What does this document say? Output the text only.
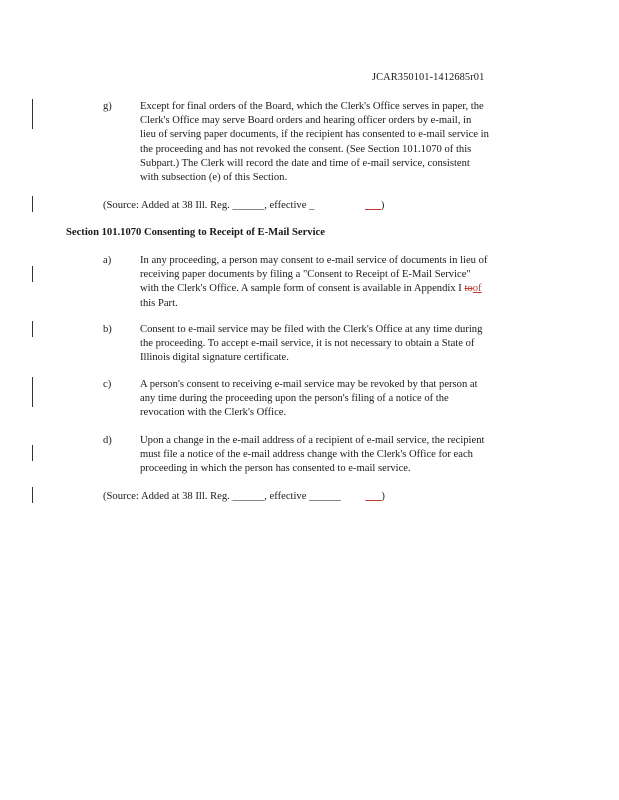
JCAR350101-1412685r01
g)	Except for final orders of the Board, which the Clerk's Office serves in paper, the
Clerk's Office may serve Board orders and hearing officer orders by e-mail, in
lieu of serving paper documents, if the recipient has consented to e-mail service in
the proceeding and has not revoked the consent. (See Section 101.1070 of this
Subpart.) The Clerk will record the date and time of e-mail service, consistent
with subsection (e) of this Section.
(Source: Added at 38 Ill. Reg. ______, effective _	___)
Section 101.1070 Consenting to Receipt of E-Mail Service
a)	In any proceeding, a person may consent to e-mail service of documents in lieu of
receiving paper documents by filing a "Consent to Receipt of E-Mail Service"
with the Clerk's Office. A sample form of consent is available in Appendix I toof
this Part.
b)	Consent to e-mail service may be filed with the Clerk's Office at any time during
the proceeding. To accept e-mail service, it is not necessary to obtain a State of
Illinois digital signature certificate.
c)	A person's consent to receiving e-mail service may be revoked by that person at
any time during the proceeding upon the person's filing of a notice of the
revocation with the Clerk's Office.
d)	Upon a change in the e-mail address of a recipient of e-mail service, the recipient
must file a notice of the e-mail address change with the Clerk's Office for each
proceeding in which the person has consented to e-mail service.
(Source: Added at 38 Ill. Reg. ______, effective ______ ___)
